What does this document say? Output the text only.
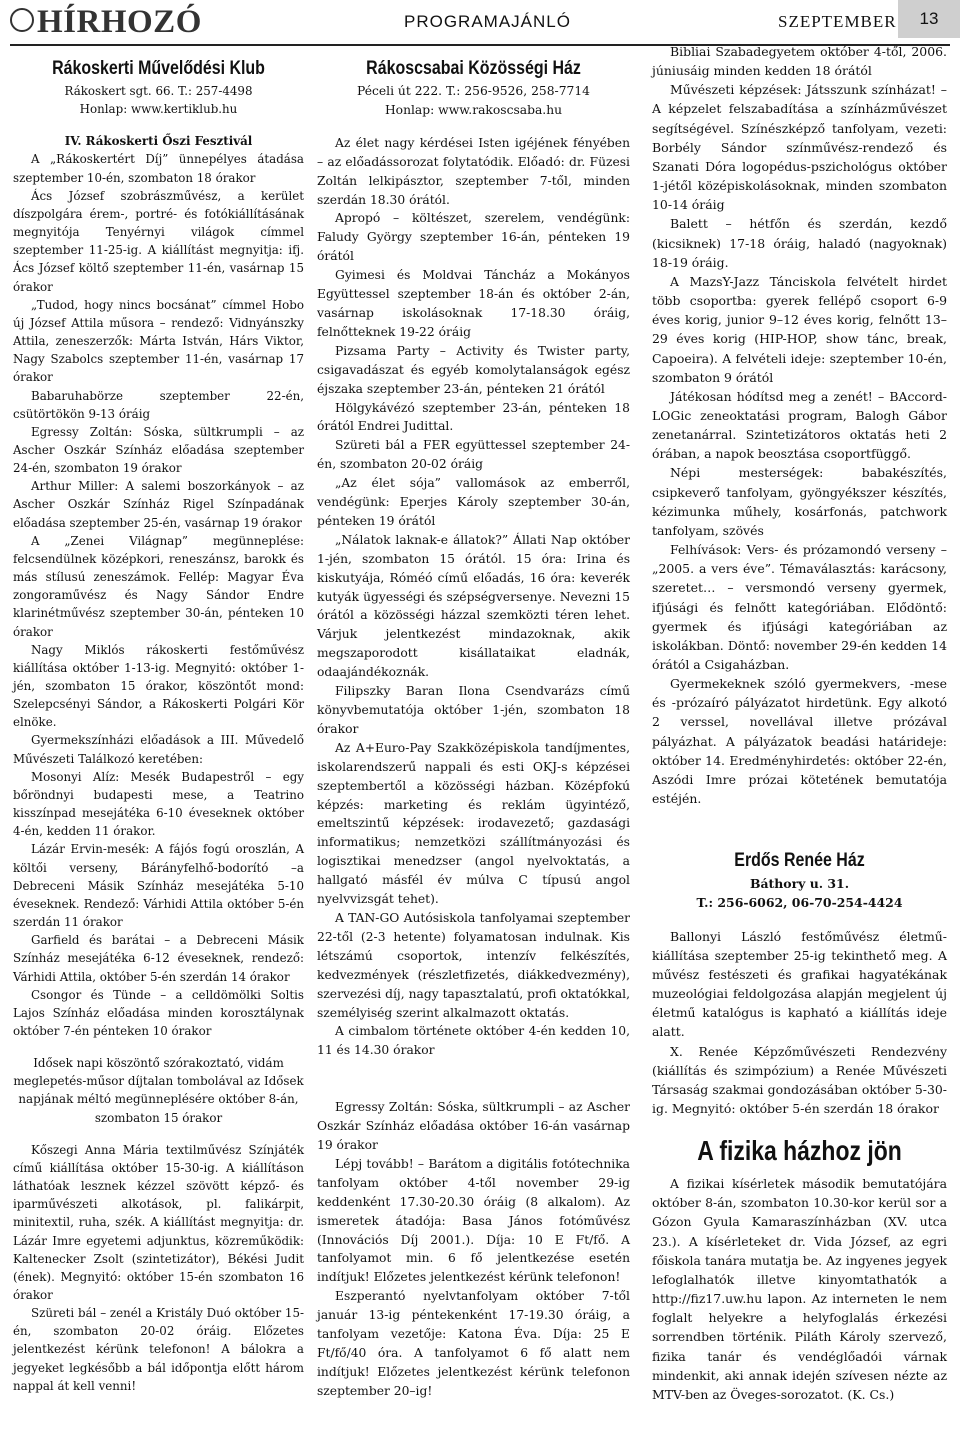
HÍRHOZÓ	PROGRAMAJÁNLÓ	SZEPTEMBER	13
Rákoskerti Művelődési Klub
Rákoskert sgt. 66. T.: 257-4498
Honlap: www.kertiklub.hu
IV. Rákoskerti Őszi Fesztivál
A „Rákoskertért Díj” ünnepélyes átadása szeptember 10-én, szombaton 18 órakor
Ács József szobrászművész, a kerület díszpolgára érem-, portré- és fotókiállításának megnyitója Tenyérnyi világok címmel szeptember 11-25-ig. A kiállítást megnyitja: ifj. Ács József költő szeptember 11-én, vasárnap 15 órakor
„Tudod, hogy nincs bocsánat” címmel Hobo új József Attila műsora – rendező: Vidnyánszky Attila, zeneszerzők: Márta István, Hárs Viktor, Nagy Szabolcs szeptember 11-én, vasárnap 17 órakor
Babaruhabörze szeptember 22-én, csütörtökön 9-13 óráig
Egressy Zoltán: Sóska, sültkrumpli – az Ascher Oszkár Színház előadása szeptember 24-én, szombaton 19 órakor
Arthur Miller: A salemi boszorkányok – az Ascher Oszkár Színház Rigel Színpadának előadása szeptember 25-én, vasárnap 19 órakor
A „Zenei Világnap” megünneplése: felcsendülnek középkori, reneszánsz, barokk és más stílusú zeneszámok. Fellép: Magyar Éva zongoraművész és Nagy Sándor Endre klarinétművész szeptember 30-án, pénteken 10 órakor
Nagy Miklós rákoskerti festőművész kiállítása október 1-13-ig. Megnyitó: október 1-jén, szombaton 15 órakor, köszöntőt mond: Szelepcsényi Sándor, a Rákoskerti Polgári Kör elnöke.
Gyermekszínházi előadások a III. Művedelő Művészeti Találkozó keretében:
Mosonyi Alíz: Mesék Budapestről – egy bőröndnyi budapesti mese, a Teatrino kisszínpad mesejátéka 6-10 éveseknek október 4-én, kedden 11 órakor.
Lázár Ervin-mesék: A fájós fogú oroszlán, A költői verseny, Bárányfelhő-bodorító –a Debreceni Másik Színház mesejátéka 5-10 éveseknek. Rendező: Várhidi Attila október 5-én szerdán 11 órakor
Garfield és barátai – a Debreceni Másik Színház mesejátéka 6-12 éveseknek, rendező: Várhidi Attila, október 5-én szerdán 14 órakor
Csongor és Tünde – a celldömölki Soltis Lajos Színház előadása minden korosztálynak október 7-én pénteken 10 órakor
Idősek napi köszöntő szórakoztató, vidám meglepetés-műsor díjtalan tombolával az Idősek napjának méltó megünneplésére október 8-án, szombaton 15 órakor
Kőszegi Anna Mária textilművész Színjáték című kiállítása október 15-30-ig. A kiállításon láthatóak lesznek kézzel szövött képző- és iparművészeti alkotások, pl. falikárpit, minitextil, ruha, szék. A kiállítást megnyitja: dr. Lázár Imre egyetemi adjunktus, közreműködik: Kaltenecker Zsolt (szintetizátor), Békési Judit (ének). Megnyitó: október 15-én szombaton 16 órakor
Szüreti bál – zenél a Kristály Duó október 15-én, szombaton 20-02 óráig. Előzetes jelentkezést kérünk telefonon! A bálokra a jegyeket legkésőbb a bál időpontja előtt három nappal át kell venni!
Rákoscsabai Közösségi Ház
Péceli út 222. T.: 256-9526, 258-7714
Honlap: www.rakoscsaba.hu
Az élet nagy kérdései Isten igéjének fényében – az előadássorozat folytatódik. Előadó: dr. Füzesi Zoltán lelkipásztor, szeptember 7-től, minden szerdán 18.30 órától.
Apropó – költészet, szerelem, vendégünk: Faludy György szeptember 16-án, pénteken 19 órától
Gyimesi és Moldvai Táncház a Mokányos Együttessel szeptember 18-án és október 2-án, vasárnap iskolásoknak 17-18.30 óráig, felnőtteknek 19-22 óráig
Pizsama Party – Activity és Twister party, csigavadászat és egyéb komolytalanságok egész éjszaka szeptember 23-án, pénteken 21 órától
Hölgykávézó szeptember 23-án, pénteken 18 órától Endrei Judittal.
Szüreti bál a FER együttessel szeptember 24-én, szombaton 20-02 óráig
„Az élet sója” vallomások az emberről, vendégünk: Eperjes Károly szeptember 30-án, pénteken 19 órától
„Nálatok laknak-e állatok?” Állati Nap október 1-jén, szombaton 15 órától. 15 óra: Irina és kiskutyája, Róméó című előadás, 16 óra: keverék kutyák ügyességi és szépségversenye. Nevezni 15 órától a közösségi házzal szemközti téren lehet. Várjuk jelentkezést mindazoknak, akik megszaporodott kisállataikat eladnák, odaajándékoznák.
Filipszky Baran Ilona Csendvarázs című könyvbemutatója október 1-jén, szombaton 18 órakor
Az A+Euro-Pay Szakközépiskola tandíjmentes, iskolarendszerű nappali és esti OKJ-s képzései szeptembertől a közösségi házban. Középfokú képzés: marketing és reklám ügyintéző, emeltszintű képzések: irodavezető; gazdasági informatikus; nemzetközi szállítmányozási és logisztikai menedzser (angol nyelvoktatás, a hallgató másfél év múlva C típusú angol nyelvvizsgát tehet).
A TAN-GO Autósiskola tanfolyamai szeptember 22-től (2-3 hetente) folyamatosan indulnak. Kis létszámú csoportok, intenzív felkészítés, kedvezmények (részletfizetés, diákkedvezmény), szervezési díj, nagy tapasztalatú, profi oktatókkal, személyiség szerint alkalmazott oktatás.
A cimbalom története október 4-én kedden 10, 11 és 14.30 órakor
Egressy Zoltán: Sóska, sültkrumpli – az Ascher Oszkár Színház előadása október 16-án vasárnap 19 órakor
Lépj tovább! – Barátom a digitális fotótechnika tanfolyam október 4-től november 29-ig keddenként 17.30-20.30 óráig (8 alkalom). Az ismeretek átadója: Basa János fotóművész (Innovációs Díj 2001.). Díja: 10 E Ft/fő. A tanfolyamot min. 6 fő jelentkezése esetén indítjuk! Előzetes jelentkezést kérünk telefonon!
Eszperantó nyelvtanfolyam október 7-től január 13-ig péntekenként 17-19.30 óráig, a tanfolyam vezetője: Katona Éva. Díja: 25 E Ft/fő/40 óra. A tanfolyamot 6 fő alatt nem indítjuk! Előzetes jelentkezést kérünk telefonon szeptember 20–ig!
Bibliai Szabadegyetem október 4-től, 2006. júniusáig minden kedden 18 órától
Művészeti képzések: Játsszunk színházat! – A képzelet felszabadítása a színházművészet segítségével. Színészképző tanfolyam, vezeti: Borbély Sándor színművész-rendező és Szanati Dóra logopédus-pszichológus október 1-jétől középiskolásoknak, minden szombaton 10-14 óráig
Balett – hétfőn és szerdán, kezdő (kicsiknek) 17-18 óráig, haladó (nagyoknak) 18-19 óráig.
A MazsY-Jazz Tánciskola felvételt hirdet több csoportba: gyerek fellépő csoport 6-9 éves korig, junior 9–12 éves korig, felnőtt 13–29 éves korig (HIP-HOP, show tánc, break, Capoeira). A felvételi ideje: szeptember 10-én, szombaton 9 órától
Játékosan hódítsd meg a zenét! – BAccord-LOGic zeneoktatási program, Balogh Gábor zenetanárral. Szintetizátoros oktatás heti 2 órában, a napok beosztása csoportfüggő.
Népi mesterségek: babakészítés, csipkeverő tanfolyam, gyöngyékszer készítés, kézimunka műhely, kosárfonás, patchwork tanfolyam, szövés
Felhívások: Vers- és prózamondó verseny – „2005. a vers éve”. Témaválasztás: karácsony, szeretet… – versmondó verseny gyermek, ifjúsági és felnőtt kategóriában. Elődöntő: gyermek és ifjúsági kategóriában az iskolákban. Döntő: november 29-én kedden 14 órától a Csigaházban.
Gyermekeknek szóló gyermekvers, -mese és -prózaíró pályázatot hirdetünk. Egy alkotó 2 verssel, novellával illetve prózával pályázhat. A pályázatok beadási határideje: október 14. Eredményhirdetés: október 22-én, Aszódi Imre prózai kötetének bemutatója estéjén.
Erdős Renée Ház
Báthory u. 31.
T.: 256-6062, 06-70-254-4424
Ballonyi László festőművész életmű-kiállítása szeptember 25-ig tekinthető meg. A művész festészeti és grafikai hagyatékának muzeológiai feldolgozása alapján megjelent új életmű katalógus is kapható a kiállítás ideje alatt.
X. Renée Képzőművészeti Rendezvény (kiállítás és szimpózium) a Renée Művészeti Társaság szakmai gondozásában október 5-30-ig. Megnyitó: október 5-én szerdán 18 órakor
A fizika házhoz jön
A fizikai kísérletek második bemutatójára október 8-án, szombaton 10.30-kor kerül sor a Gózon Gyula Kamaraszínházban (XV. utca 23.). A kísérleteket dr. Vida József, az egri főiskola tanára mutatja be. Az ingyenes jegyek lefoglalhatók illetve kinyomtathatók a http://fiz17.uw.hu lapon. Az interneten le nem foglalt helyekre a helyfoglalás érkezési sorrendben történik. Piláth Károly szervező, fizika tanár és vendéglőadói várnak mindenkit, aki annak idején szívesen nézte az MTV-ben az Öveges-sorozatot. (K. Cs.)
